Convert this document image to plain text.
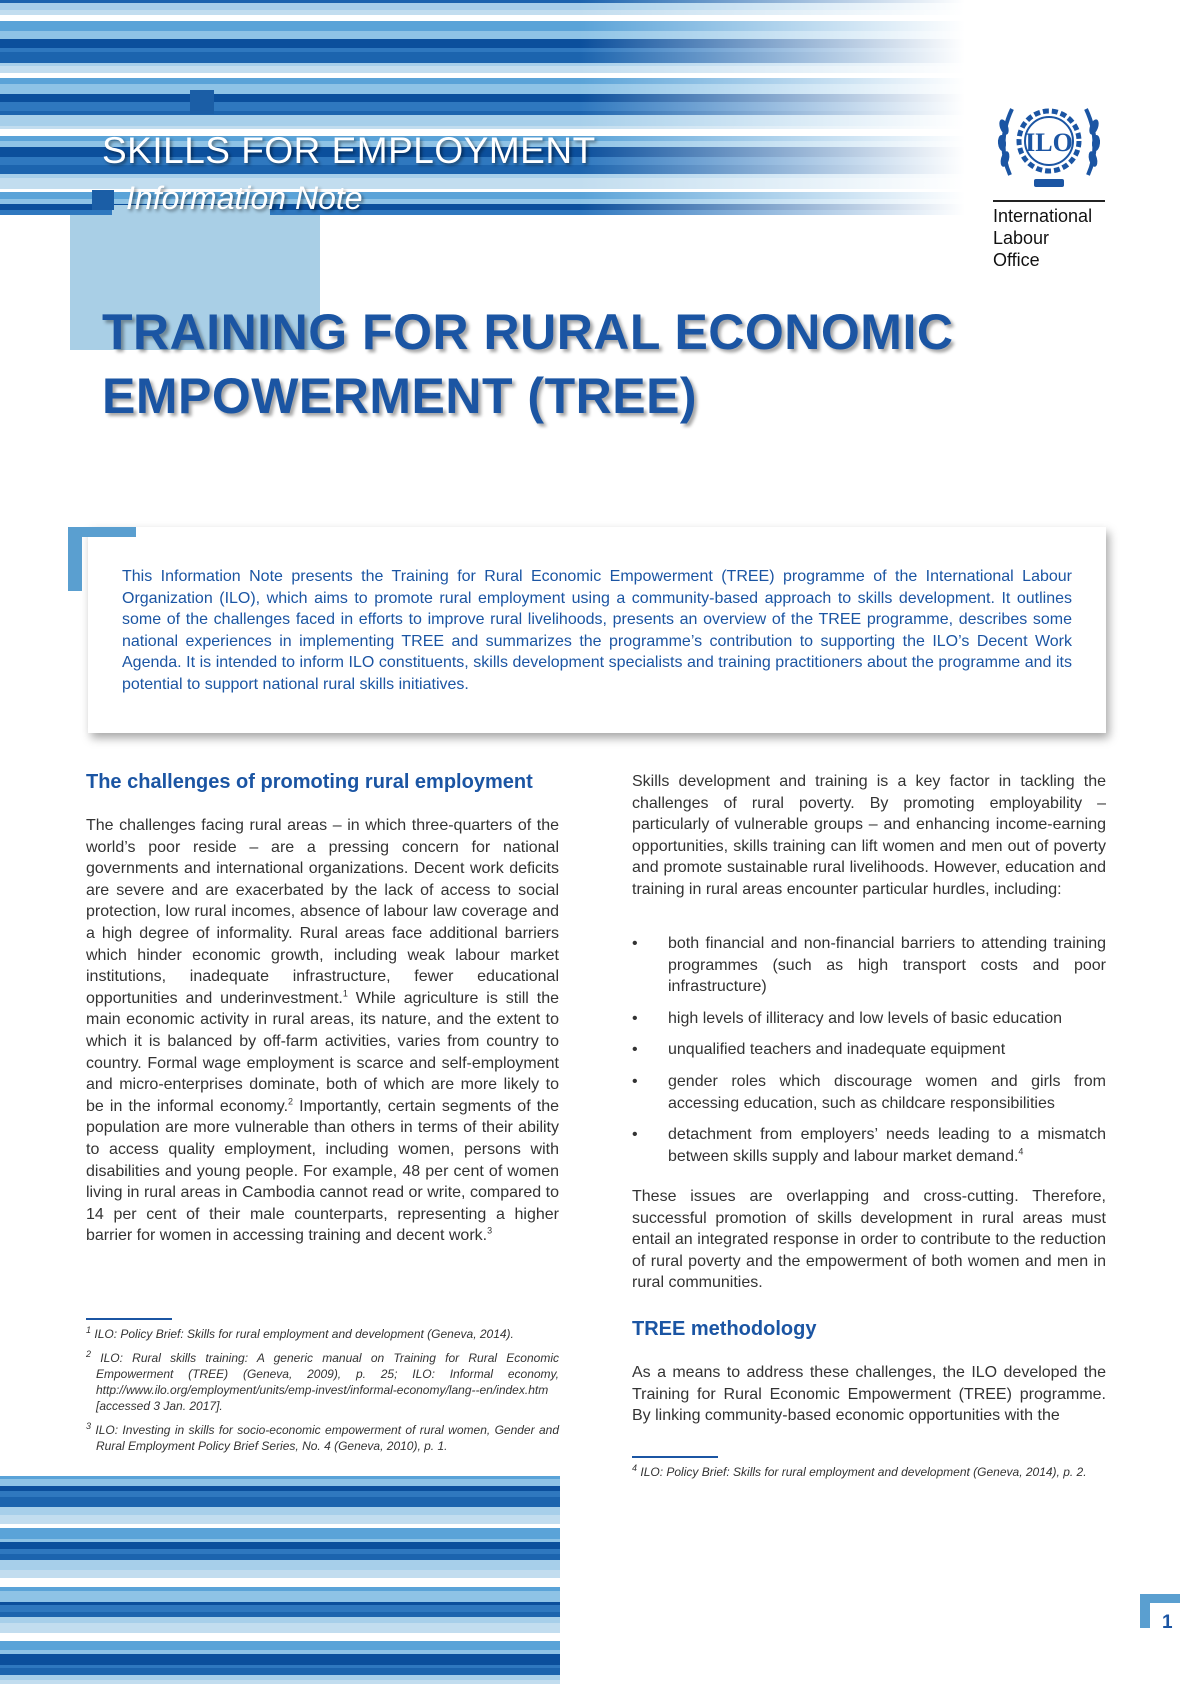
SKILLS FOR EMPLOYMENT
Information Note
ILO
International
Labour
Office
TRAINING FOR RURAL ECONOMIC
EMPOWERMENT (TREE)
This Information Note presents the Training for Rural Economic Empowerment (TREE) programme of the International Labour Organization (ILO), which aims to promote rural employment using a community-based approach to skills development. It outlines some of the challenges faced in efforts to improve rural livelihoods, presents an overview of the TREE programme, describes some national experiences in implementing TREE and summarizes the programme’s contribution to supporting the ILO’s Decent Work Agenda. It is intended to inform ILO constituents, skills development specialists and training practitioners about the programme and its potential to support national rural skills initiatives.
The challenges of promoting rural employment
The challenges facing rural areas – in which three-quarters of the world’s poor reside – are a pressing concern for national governments and international organizations. Decent work deficits are severe and are exacerbated by the lack of access to social protection, low rural incomes, absence of labour law coverage and a high degree of informality. Rural areas face additional barriers which hinder economic growth, including weak labour market institutions, inadequate infrastructure, fewer educational opportunities and underinvestment.$^1$ While agriculture is still the main economic activity in rural areas, its nature, and the extent to which it is balanced by off-farm activities, varies from country to country. Formal wage employment is scarce and self-employment and micro-enterprises dominate, both of which are more likely to be in the informal economy.$^2$ Importantly, certain segments of the population are more vulnerable than others in terms of their ability to access quality employment, including women, persons with disabilities and young people. For example, 48 per cent of women living in rural areas in Cambodia cannot read or write, compared to 14 per cent of their male counterparts, representing a higher barrier for women in accessing training and decent work.$^3$
$^1$ ILO: Policy Brief: Skills for rural employment and development (Geneva, 2014).
$^2$ ILO: Rural skills training: A generic manual on Training for Rural Economic Empowerment (TREE) (Geneva, 2009), p. 25; ILO: Informal economy, http://www.ilo.org/employment/units/emp-invest/informal-economy/lang--en/index.htm [accessed 3 Jan. 2017].
$^3$ ILO: Investing in skills for socio-economic empowerment of rural women, Gender and Rural Employment Policy Brief Series, No. 4 (Geneva, 2010), p. 1.
Skills development and training is a key factor in tackling the challenges of rural poverty. By promoting employability – particularly of vulnerable groups – and enhancing income-earning opportunities, skills training can lift women and men out of poverty and promote sustainable rural livelihoods. However, education and training in rural areas encounter particular hurdles, including:
• both financial and non-financial barriers to attending training programmes (such as high transport costs and poor infrastructure)
• high levels of illiteracy and low levels of basic education
• unqualified teachers and inadequate equipment
• gender roles which discourage women and girls from accessing education, such as childcare responsibilities
• detachment from employers’ needs leading to a mismatch between skills supply and labour market demand.$^4$
These issues are overlapping and cross-cutting. Therefore, successful promotion of skills development in rural areas must entail an integrated response in order to contribute to the reduction of rural poverty and the empowerment of both women and men in rural communities.
TREE methodology
As a means to address these challenges, the ILO developed the Training for Rural Economic Empowerment (TREE) programme. By linking community-based economic opportunities with the
$^4$ ILO: Policy Brief: Skills for rural employment and development (Geneva, 2014), p. 2.
1
